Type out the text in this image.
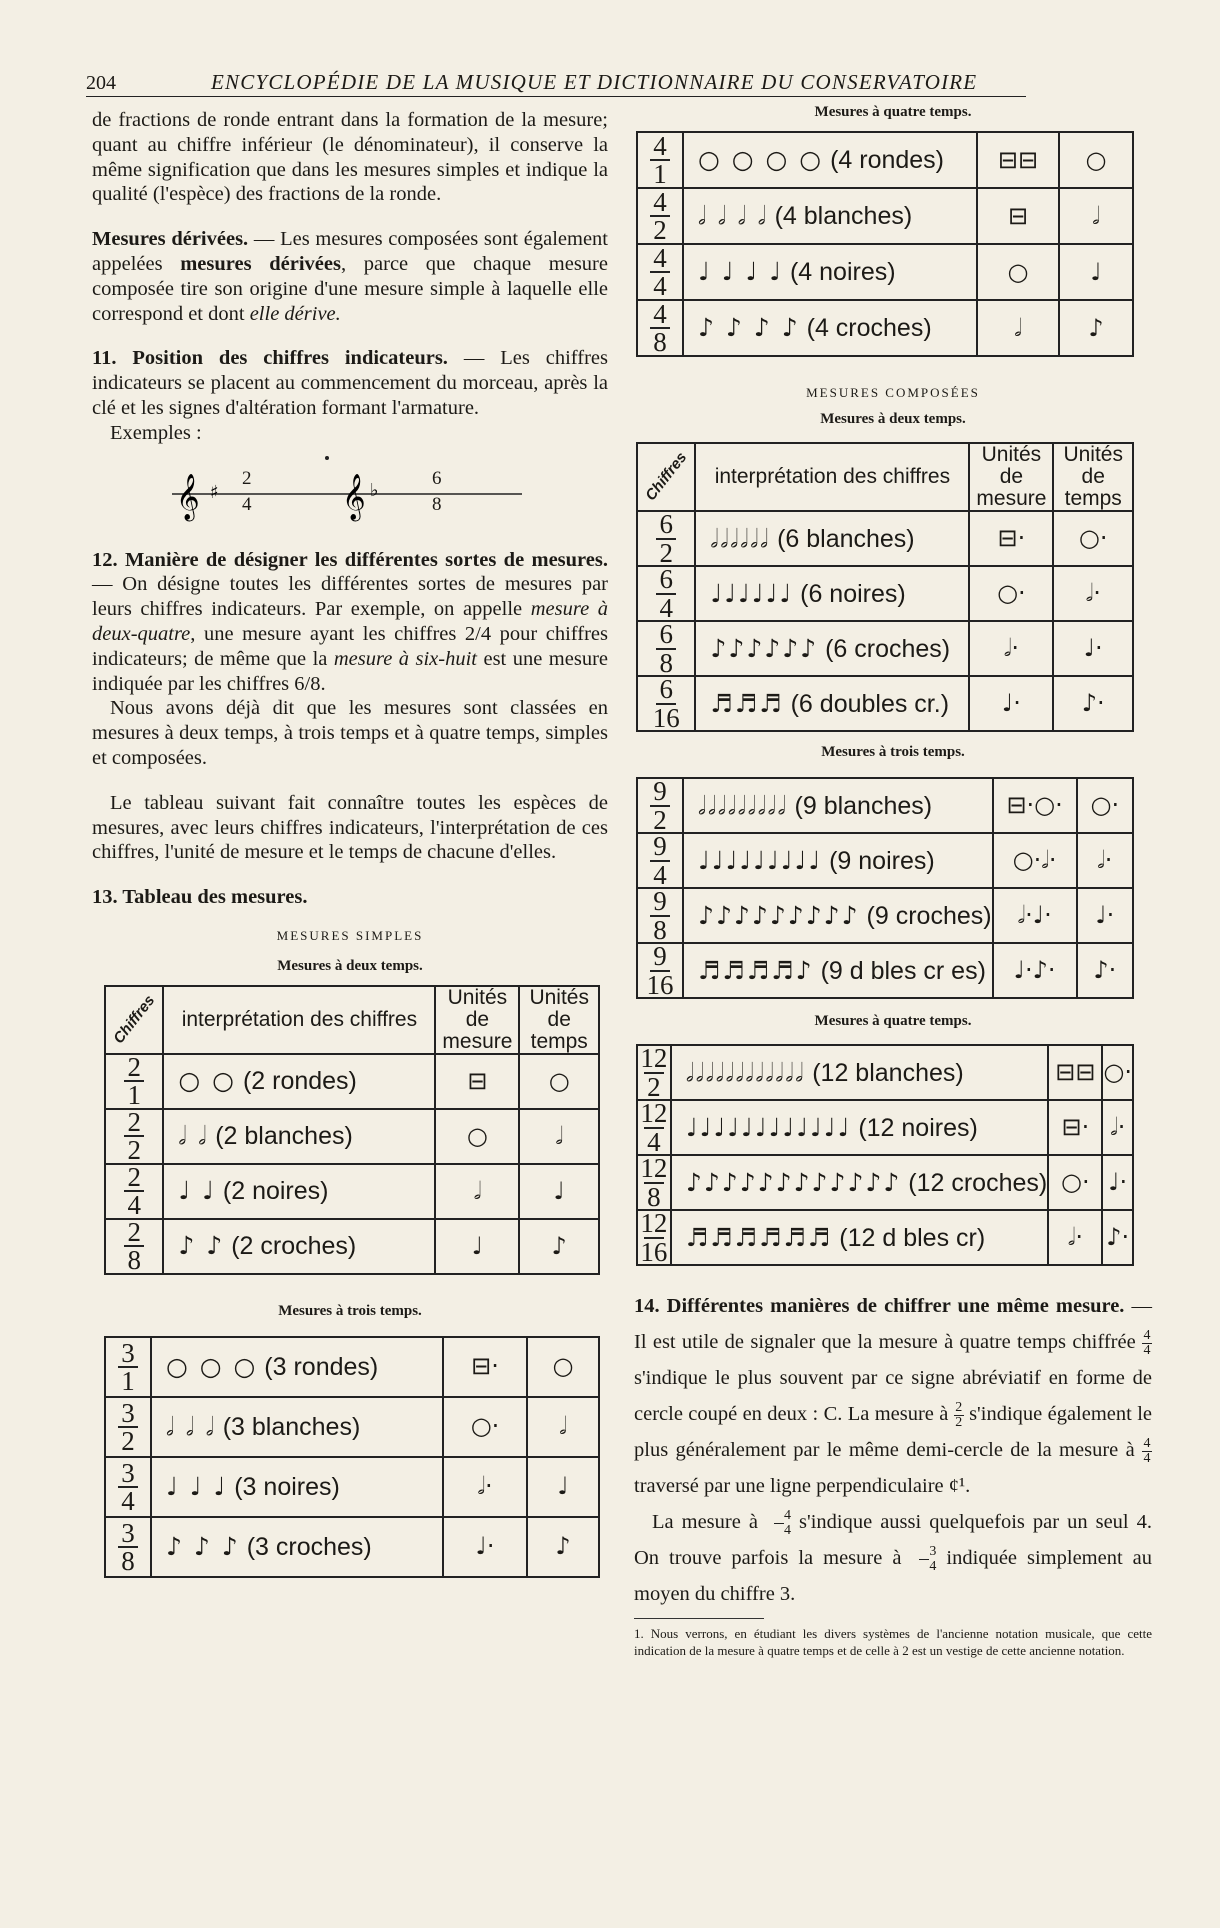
204	ENCYCLOPÉDIE DE LA MUSIQUE ET DICTIONNAIRE DU CONSERVATOIRE

de fractions de ronde entrant dans la formation de la mesure; quant au chiffre inférieur (le dénominateur), il conserve la même signification que dans les mesures simples et indique la qualité (l'espèce) des fractions de la ronde.

Mesures dérivées. — Les mesures composées sont également appelées mesures dérivées, parce que chaque mesure composée tire son origine d'une mesure simple à laquelle elle correspond et dont elle dérive.

11. Position des chiffres indicateurs. — Les chiffres indicateurs se placent au commencement du morceau, après la clé et les signes d'altération formant l'armature.

Exemples :

𝄞 ♯	𝄞 ♭
2
4
6
8

12. Manière de désigner les différentes sortes de mesures. — On désigne toutes les différentes sortes de mesures par leurs chiffres indicateurs. Par exemple, on appelle mesure à deux-quatre, une mesure ayant les chiffres 2/4 pour chiffres indicateurs; de même que la mesure à six-huit est une mesure indiquée par les chiffres 6/8.

Nous avons déjà dit que les mesures sont classées en mesures à deux temps, à trois temps et à quatre temps, simples et composées.

Le tableau suivant fait connaître toutes les espèces de mesures, avec leurs chiffres indicateurs, l'interprétation de ces chiffres, l'unité de mesure et le temps de chacune d'elles.

13. Tableau des mesures.

MESURES SIMPLES
Mesures à deux temps.
Chiffres	interprétation des chiffres	Unités de mesure	Unités de temps

$\frac{2}{1}$	○ ○ (2 rondes)	⊟	○

$\frac{2}{2}$	𝅗𝅥 𝅗𝅥 (2 blanches)	○	𝅗𝅥

$\frac{2}{4}$	♩ ♩ (2 noires)	𝅗𝅥	♩

$\frac{2}{8}$	♪ ♪ (2 croches)	♩	♪
Mesures à trois temps.
$\frac{3}{1}$	○ ○ ○ (3 rondes)	⊟·	○

$\frac{3}{2}$	𝅗𝅥 𝅗𝅥 𝅗𝅥 (3 blanches)	○·	𝅗𝅥

$\frac{3}{4}$	♩ ♩ ♩ (3 noires)	𝅗𝅥·	♩

$\frac{3}{8}$	♪ ♪ ♪ (3 croches)	♩·	♪
Mesures à quatre temps.
$\frac{4}{1}$	○ ○ ○ ○ (4 rondes)	⊟⊟	○

$\frac{4}{2}$	𝅗𝅥 𝅗𝅥 𝅗𝅥 𝅗𝅥 (4 blanches)	⊟	𝅗𝅥

$\frac{4}{4}$	♩ ♩ ♩ ♩ (4 noires)	○	♩

$\frac{4}{8}$	♪ ♪ ♪ ♪ (4 croches)	𝅗𝅥	♪
MESURES COMPOSÉES
Mesures à deux temps.
Chiffres	interprétation des chiffres	Unités de mesure	Unités de temps

$\frac{6}{2}$	𝅗𝅥𝅗𝅥𝅗𝅥𝅗𝅥𝅗𝅥𝅗𝅥 (6 blanches)	⊟·	○·

$\frac{6}{4}$	♩♩♩♩♩♩ (6 noires)	○·	𝅗𝅥·

$\frac{6}{8}$	♪♪♪♪♪♪ (6 croches)	𝅗𝅥·	♩·

$\frac{6}{16}$	♬♬♬ (6 doubles cr.)	♩·	♪·
Mesures à trois temps.
$\frac{9}{2}$	𝅗𝅥𝅗𝅥𝅗𝅥𝅗𝅥𝅗𝅥𝅗𝅥𝅗𝅥𝅗𝅥𝅗𝅥 (9 blanches)	⊟·○·	○·

$\frac{9}{4}$	♩♩♩♩♩♩♩♩♩ (9 noires)	○·𝅗𝅥·	𝅗𝅥·

$\frac{9}{8}$	♪♪♪♪♪♪♪♪♪ (9 croches)	𝅗𝅥·♩·	♩·

$\frac{9}{16}$	♬♬♬♬♪ (9 d bles cr es)	♩·♪·	♪·
Mesures à quatre temps.
$\frac{12}{2}$	𝅗𝅥𝅗𝅥𝅗𝅥𝅗𝅥𝅗𝅥𝅗𝅥𝅗𝅥𝅗𝅥𝅗𝅥𝅗𝅥𝅗𝅥𝅗𝅥 (12 blanches)	⊟⊟	○·

$\frac{12}{4}$	♩♩♩♩♩♩♩♩♩♩♩♩ (12 noires)	⊟·	𝅗𝅥·

$\frac{12}{8}$	♪♪♪♪♪♪♪♪♪♪♪♪ (12 croches)	○·	♩·

$\frac{12}{16}$	♬♬♬♬♬♬ (12 d bles cr)	𝅗𝅥·	♪·

14. Différentes manières de chiffrer une même mesure. — Il est utile de signaler que la mesure à quatre temps chiffrée $\frac{4}{4}$
s'indique le plus souvent par ce signe abréviatif en forme de cercle coupé en deux : C. La mesure à $\frac{2}{2}$ s'indique également le plus généralement par le même demi-cercle de la mesure à $\frac{4}{4}$
traversé par une ligne perpendiculaire ¢¹.

La mesure à $\frac{4}{4}$ s'indique aussi quelquefois par un seul 4. On trouve parfois la mesure à $\frac{3}{4}$ indiquée simplement au moyen du chiffre 3.

1. Nous verrons, en étudiant les divers systèmes de l'ancienne notation musicale, que cette indication de la mesure à quatre temps et de celle à 2 est un vestige de cette ancienne notation.
